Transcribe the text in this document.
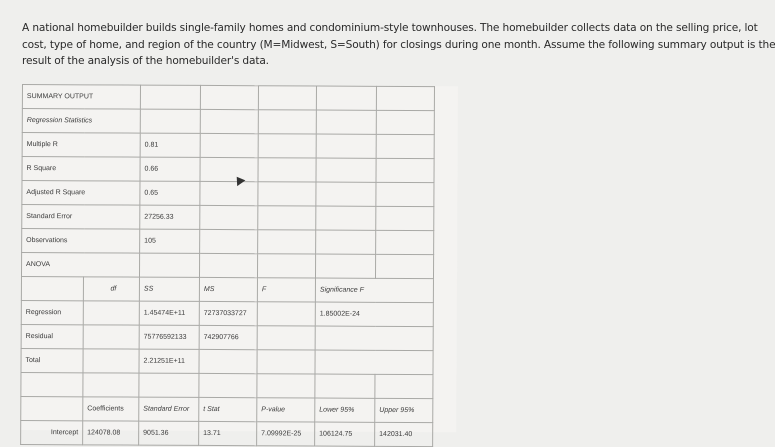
A national homebuilder builds single-family homes and condominium-style townhouses. The homebuilder collects data on the selling price, lot
cost, type of home, and region of the country (M=Midwest, S=South) for closings during one month. Assume the following summary output is the
result of the analysis of the homebuilder's data.
SUMMARY OUTPUT						
Regression Statistics						
Multiple R		0.81				
R Square		0.66				
Adjusted R Square		0.65				
Standard Error		27256.33				
Observations		105				
ANOVA						
	df	SS	MS	F	Significance F	
Regression		1.45474E+11	72737033727		1.85002E-24	
Residual		75776592133	742907766			
Total		2.21251E+11				

	Coefficients	Standard Error	t Stat	P-value	Lower 95%	Upper 95%
Intercept	124078.08	9051.36	13.71	7.09992E-25	106124.75	142031.40
